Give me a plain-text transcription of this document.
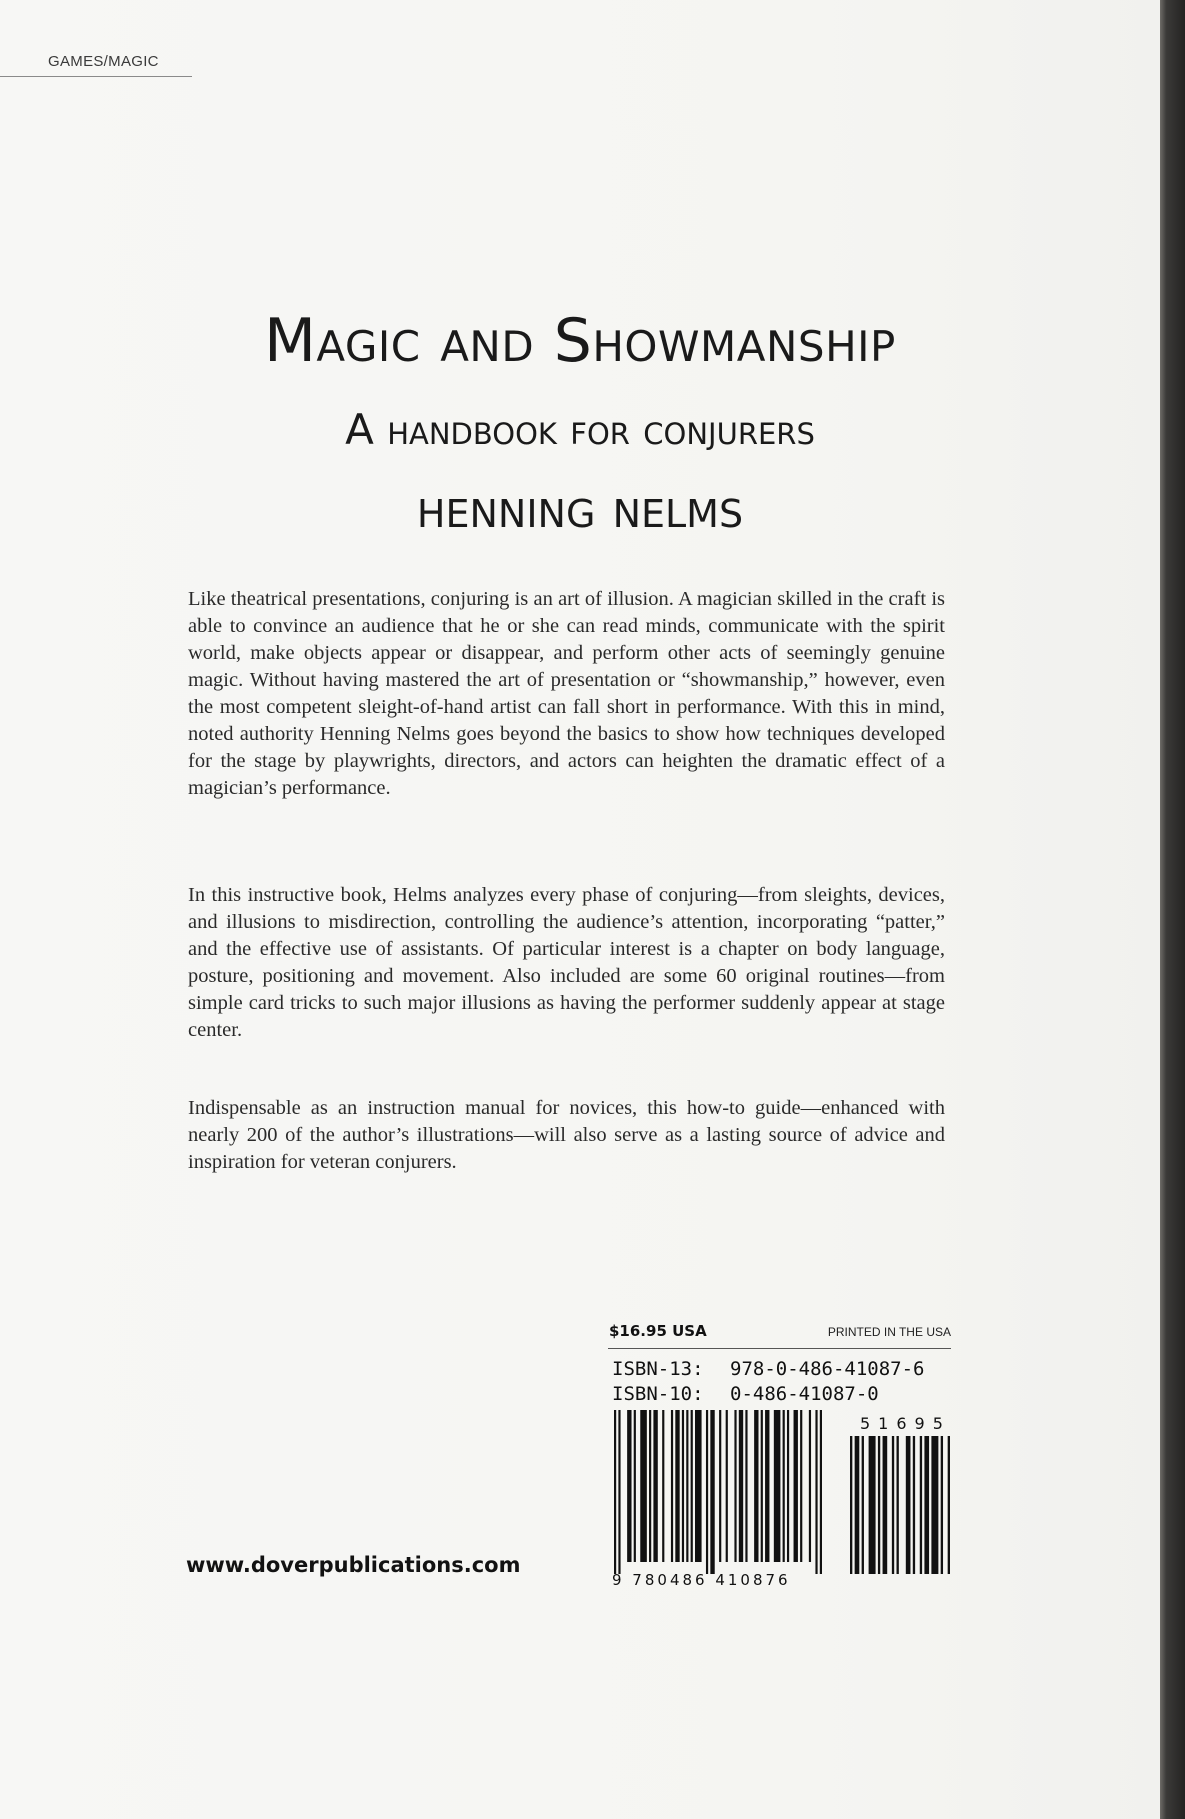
GAMES/MAGIC
Magic and Showmanship
A handbook for conjurers
henning nelms

Like theatrical presentations, conjuring is an art of illusion. A magician skilled in the craft is able to convince an audience that he or she can read minds, communicate with the spirit world, make objects appear or disappear, and perform other acts of seemingly genuine magic. Without having mastered the art of presentation or “showmanship,” however, even the most competent sleight-of-hand artist can fall short in performance. With this in mind, noted authority Henning Nelms goes beyond the basics to show how techniques developed for the stage by playwrights, directors, and actors can heighten the dramatic effect of a magician’s performance.

In this instructive book, Helms analyzes every phase of conjuring—from sleights, devices, and illusions to misdirection, controlling the audience’s attention, incorporating “patter,” and the effective use of assistants. Of particular interest is a chapter on body language, posture, positioning and movement. Also included are some 60 original routines—from simple card tricks to such major illusions as having the performer suddenly appear at stage center.

Indispensable as an instruction manual for novices, this how-to guide—enhanced with nearly 200 of the author’s illustrations—will also serve as a lasting source of advice and inspiration for veteran conjurers.

$16.95 USA	PRINTED IN THE USA
ISBN-13: 978-0-486-41087-6
ISBN-10: 0-486-41087-0
51695
9 780486 410876
www.doverpublications.com
